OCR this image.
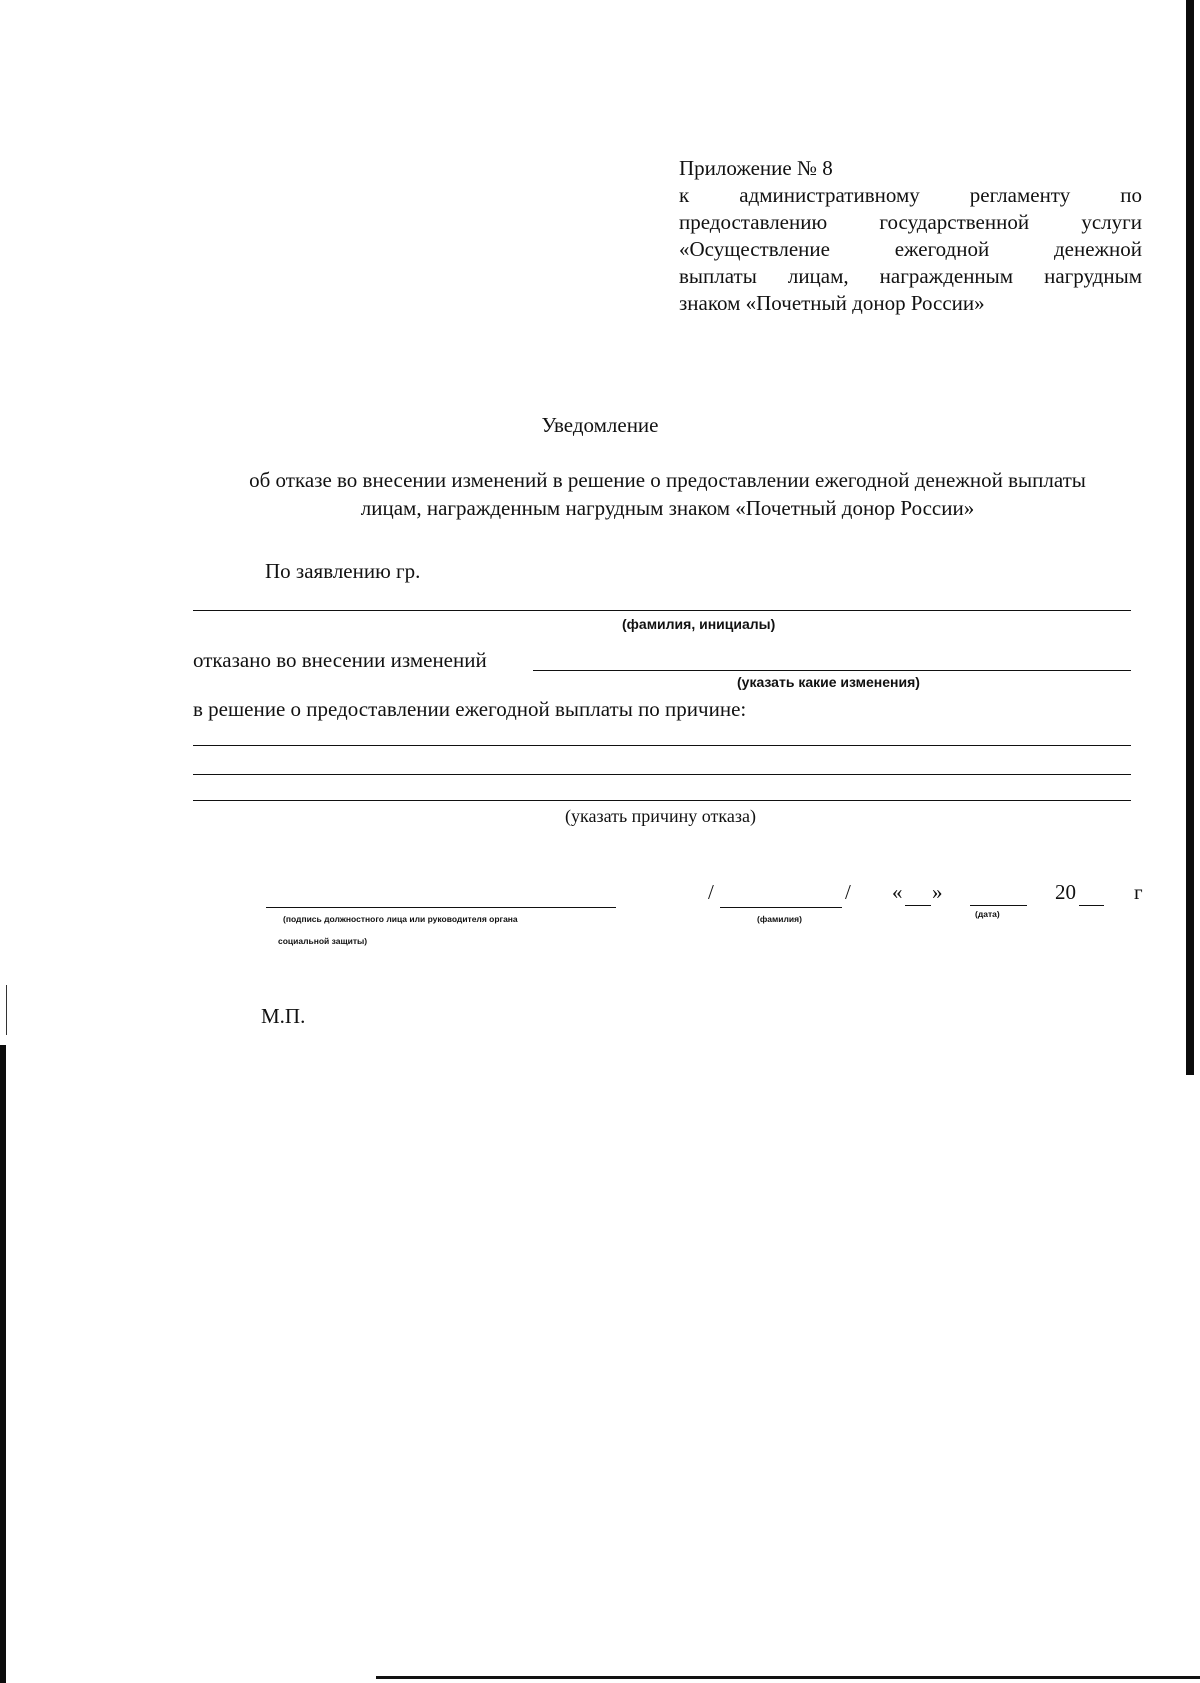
Приложение № 8
к административному регламенту по
предоставлению государственной услуги
«Осуществление ежегодной денежной
выплаты лицам, награжденным нагрудным
знаком «Почетный донор России»
Уведомление
об отказе во внесении изменений в решение о предоставлении ежегодной денежной выплаты
лицам, награжденным нагрудным знаком «Почетный донор России»
По заявлению гр.
(фамилия, инициалы)
отказано во внесении изменений
(указать какие изменения)
в решение о предоставлении ежегодной выплаты по причине:
(указать причину отказа)
(подпись должностного лица или руководителя органа
социальной защиты)
/	/
(фамилия)
« »
(дата)
20	г
М.П.
